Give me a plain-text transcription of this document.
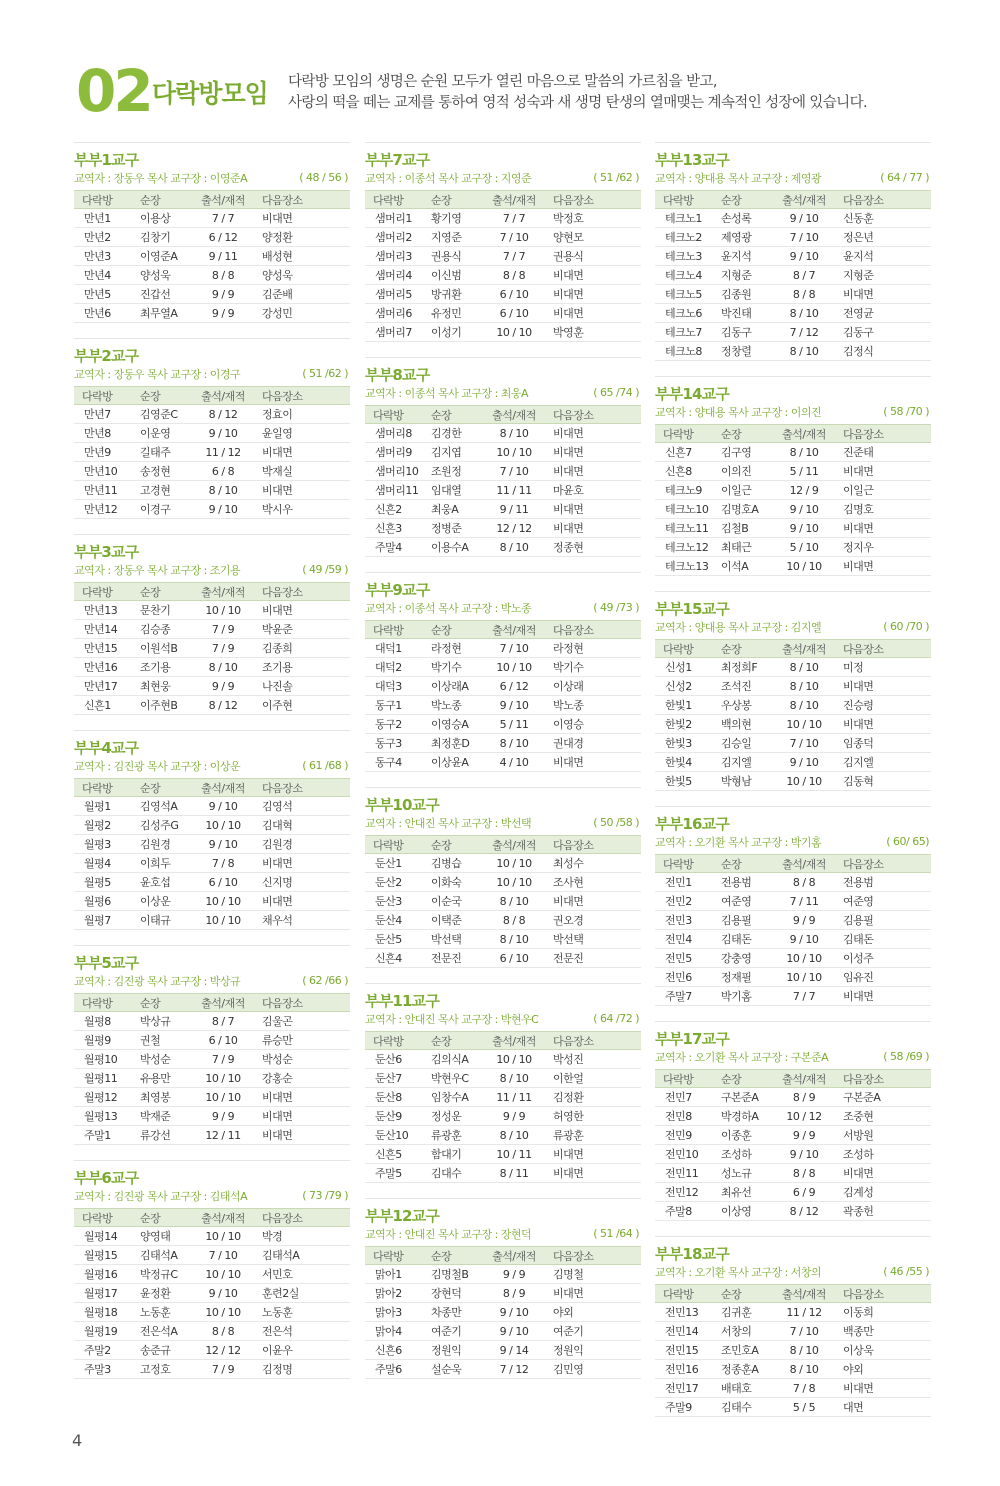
02 다락방모임 다락방 모임의 생명은 순원 모두가 열린 마음으로 말씀의 가르침을 받고,
사랑의 떡을 떼는 교제를 통하여 영적 성숙과 새 생명 탄생의 열매맺는 계속적인 성장에 있습니다.
부부1교구
교역자 : 장동우 목사 교구장 : 이영준A	( 48 / 56 )
다락방	순장	출석/재적	다음장소
만년1	이용상	7 / 7	비대면
만년2	김창기	6 / 12	양정환
만년3	이영준A	9 / 11	배성현
만년4	양성욱	8 / 8	양성욱
만년5	진갑선	9 / 9	김준배
만년6	최무열A	9 / 9	강성민
부부2교구
교역자 : 장동우 목사 교구장 : 이경구	( 51 /62 )
다락방	순장	출석/재적	다음장소
만년7	김영준C	8 / 12	정효이
만년8	이운영	9 / 10	윤일영
만년9	길태주	11 / 12	비대면
만년10	송정현	6 / 8	박재실
만년11	고경현	8 / 10	비대면
만년12	이경구	9 / 10	박시우
부부3교구
교역자 : 장동우 목사 교구장 : 조기용	( 49 /59 )
다락방	순장	출석/재적	다음장소
만년13	문찬기	10 / 10	비대면
만년14	김승종	7 / 9	박윤준
만년15	이원석B	7 / 9	김종희
만년16	조기용	8 / 10	조기용
만년17	최현웅	9 / 9	나진솔
신흔1	이주현B	8 / 12	이주현
부부4교구
교역자 : 김진광 목사 교구장 : 이상운	( 61 /68 )
다락방	순장	출석/재적	다음장소
월평1	김영석A	9 / 10	김영석
월평2	김성주G	10 / 10	김대혁
월평3	김원경	9 / 10	김원경
월평4	이희두	7 / 8	비대면
월평5	윤호섭	6 / 10	신지명
월평6	이상운	10 / 10	비대면
월평7	이태규	10 / 10	채우석
부부5교구
교역자 : 김진광 목사 교구장 : 박상규	( 62 /66 )
다락방	순장	출석/재적	다음장소
월평8	박상규	8 / 7	김울곤
월평9	권철	6 / 10	류승만
월평10	박성순	7 / 9	박성순
월평11	유용만	10 / 10	강홍순
월평12	최영봉	10 / 10	비대면
월평13	박재준	9 / 9	비대면
주말1	류강선	12 / 11	비대면
부부6교구
교역자 : 김진광 목사 교구장 : 김태석A	( 73 /79 )
다락방	순장	출석/재적	다음장소
월평14	양영태	10 / 10	박경
월평15	김태석A	7 / 10	김태석A
월평16	박정규C	10 / 10	서민호
월평17	윤정환	9 / 10	훈련2실
월평18	노동훈	10 / 10	노동훈
월평19	전은석A	8 / 8	전은석
주말2	송준규	12 / 12	이윤우
주말3	고정호	7 / 9	김정명
부부7교구
교역자 : 이종석 목사 교구장 : 지영준	( 51 /62 )
다락방	순장	출석/재적	다음장소
샘머리1	황기영	7 / 7	박정호
샘머리2	지영준	7 / 10	양현모
샘머리3	권용식	7 / 7	권용식
샘머리4	이신범	8 / 8	비대면
샘머리5	방귀환	6 / 10	비대면
샘머리6	유정민	6 / 10	비대면
샘머리7	이성기	10 / 10	박영훈
부부8교구
교역자 : 이종석 목사 교구장 : 최웅A	( 65 /74 )
다락방	순장	출석/재적	다음장소
샘머리8	김경한	8 / 10	비대면
샘머리9	김지엽	10 / 10	비대면
샘머리10	조원정	7 / 10	비대면
샘머리11	임대열	11 / 11	마윤호
신흔2	최웅A	9 / 11	비대면
신흔3	정병준	12 / 12	비대면
주말4	이용수A	8 / 10	정종현
부부9교구
교역자 : 이종석 목사 교구장 : 박노종	( 49 /73 )
다락방	순장	출석/재적	다음장소
대덕1	라정현	7 / 10	라정현
대덕2	박기수	10 / 10	박기수
대덕3	이상래A	6 / 12	이상래
동구1	박노종	9 / 10	박노종
동구2	이영승A	5 / 11	이영승
동구3	최정훈D	8 / 10	권대경
동구4	이상윤A	4 / 10	비대면
부부10교구
교역자 : 안대진 목사 교구장 : 박선택	( 50 /58 )
다락방	순장	출석/재적	다음장소
둔산1	김병습	10 / 10	최성수
둔산2	이화숙	10 / 10	조사현
둔산3	이순국	8 / 10	비대면
둔산4	이택준	8 / 8	권오경
둔산5	박선택	8 / 10	박선택
신흔4	전문진	6 / 10	전문진
부부11교구
교역자 : 안대진 목사 교구장 : 박현우C	( 64 /72 )
다락방	순장	출석/재적	다음장소
둔산6	김의식A	10 / 10	박성진
둔산7	박현우C	8 / 10	이한얼
둔산8	임창수A	11 / 11	김정환
둔산9	정성운	9 / 9	허영한
둔산10	류광훈	8 / 10	류광훈
신흔5	함대기	10 / 11	비대면
주말5	김대수	8 / 11	비대면
부부12교구
교역자 : 안대진 목사 교구장 : 장현덕	( 51 /64 )
다락방	순장	출석/재적	다음장소
맑아1	김명철B	9 / 9	김명철
맑아2	장현덕	8 / 9	비대면
맑아3	차종만	9 / 10	야외
맑아4	여준기	9 / 10	여준기
신흔6	정원익	9 / 14	정원익
주말6	설순욱	7 / 12	김민영
부부13교구
교역자 : 양대용 목사 교구장 : 제영광	( 64 / 77 )
다락방	순장	출석/재적	다음장소
테크노1	손성록	9 / 10	신동훈
테크노2	제영광	7 / 10	정은년
테크노3	윤지석	9 / 10	윤지석
테크노4	지형준	8 / 7	지형준
테크노5	김종원	8 / 8	비대면
테크노6	박진태	8 / 10	전영균
테크노7	김동구	7 / 12	김동구
테크노8	정창렬	8 / 10	김정식
부부14교구
교역자 : 양대용 목사 교구장 : 이의진	( 58 /70 )
다락방	순장	출석/재적	다음장소
신흔7	김구영	8 / 10	진준태
신흔8	이의진	5 / 11	비대면
테크노9	이일근	12 / 9	이일근
테크노10	김명호A	9 / 10	김명호
테크노11	김철B	9 / 10	비대면
테크노12	최태근	5 / 10	정지우
테크노13	이석A	10 / 10	비대면
부부15교구
교역자 : 양대용 목사 교구장 : 김지엘	( 60 /70 )
다락방	순장	출석/재적	다음장소
신성1	최정희F	8 / 10	미정
신성2	조석진	8 / 10	비대면
한빛1	우상봉	8 / 10	진승령
한빛2	백의현	10 / 10	비대면
한빛3	김승일	7 / 10	임종덕
한빛4	김지엘	9 / 10	김지엘
한빛5	박형남	10 / 10	김동혁
부부16교구
교역자 : 오기환 목사 교구장 : 박기홈	( 60/ 65)
다락방	순장	출석/재적	다음장소
전민1	전용범	8 / 8	전용범
전민2	여준영	7 / 11	여준영
전민3	김용필	9 / 9	김용필
전민4	김태돈	9 / 10	김태돈
전민5	강충영	10 / 10	이성주
전민6	정재필	10 / 10	임유진
주말7	박기홈	7 / 7	비대면
부부17교구
교역자 : 오기환 목사 교구장 : 구본준A	( 58 /69 )
다락방	순장	출석/재적	다음장소
전민7	구본준A	8 / 9	구본준A
전민8	박경하A	10 / 12	조중현
전민9	이종훈	9 / 9	서방원
전민10	조성하	9 / 10	조성하
전민11	성노규	8 / 8	비대면
전민12	최유선	6 / 9	김계성
주말8	이상영	8 / 12	곽종헌
부부18교구
교역자 : 오기환 목사 교구장 : 서창의	( 46 /55 )
다락방	순장	출석/재적	다음장소
전민13	김귀훈	11 / 12	이동희
전민14	서창의	7 / 10	백종만
전민15	조민호A	8 / 10	이상욱
전민16	정종훈A	8 / 10	야외
전민17	배태호	7 / 8	비대면
주말9	김태수	5 / 5	대면
4
